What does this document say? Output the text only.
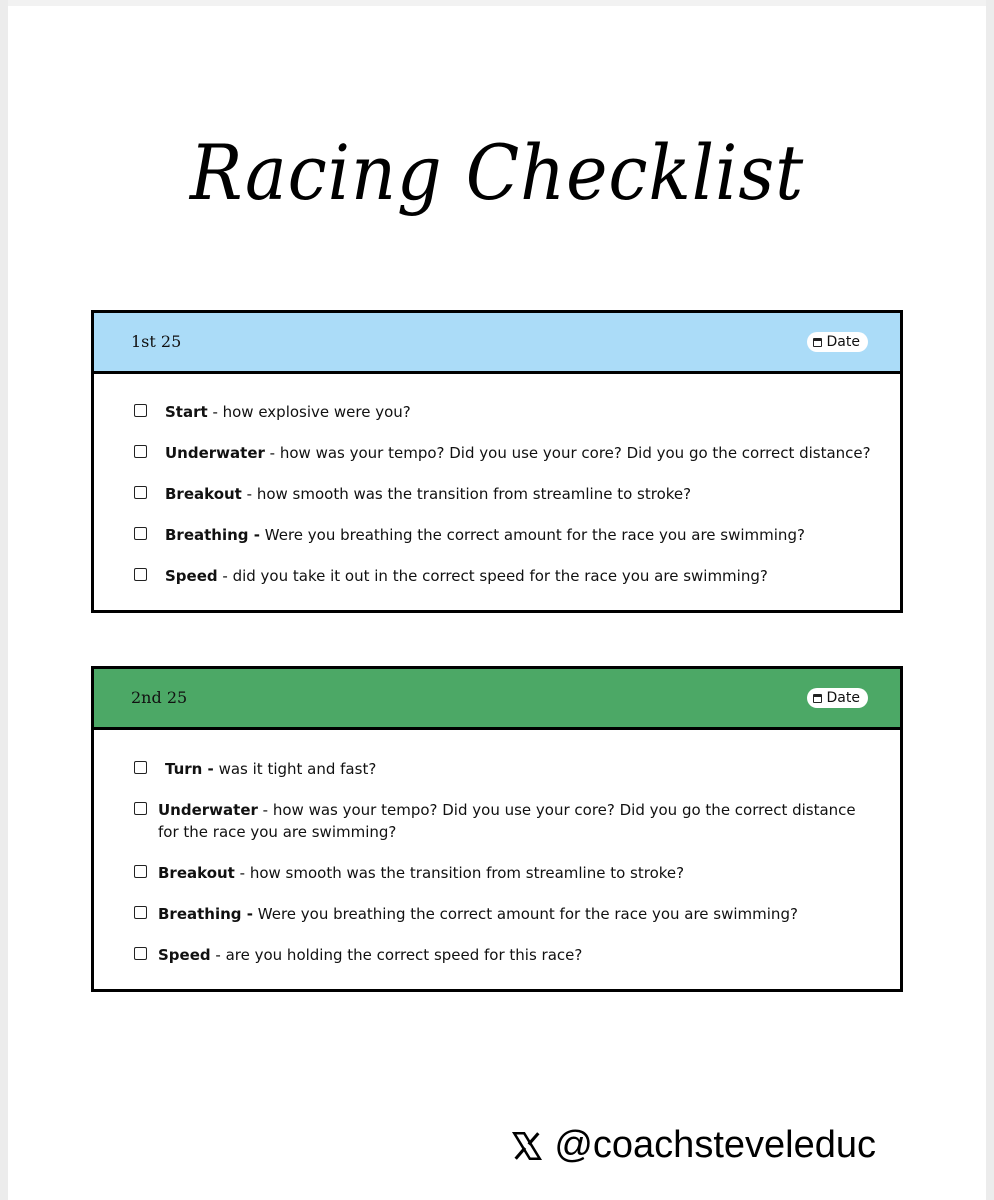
Racing Checklist
1st 25	Date
Start - how explosive were you?
Underwater - how was your tempo? Did you use your core? Did you go the correct distance?
Breakout - how smooth was the transition from streamline to stroke?
Breathing - Were you breathing the correct amount for the race you are swimming?
Speed - did you take it out in the correct speed for the race you are swimming?
2nd 25	Date
Turn - was it tight and fast?
Underwater - how was your tempo? Did you use your core? Did you go the correct distance for the race you are swimming?
Breakout - how smooth was the transition from streamline to stroke?
Breathing - Were you breathing the correct amount for the race you are swimming?
Speed - are you holding the correct speed for this race?
@coachsteveleduc
